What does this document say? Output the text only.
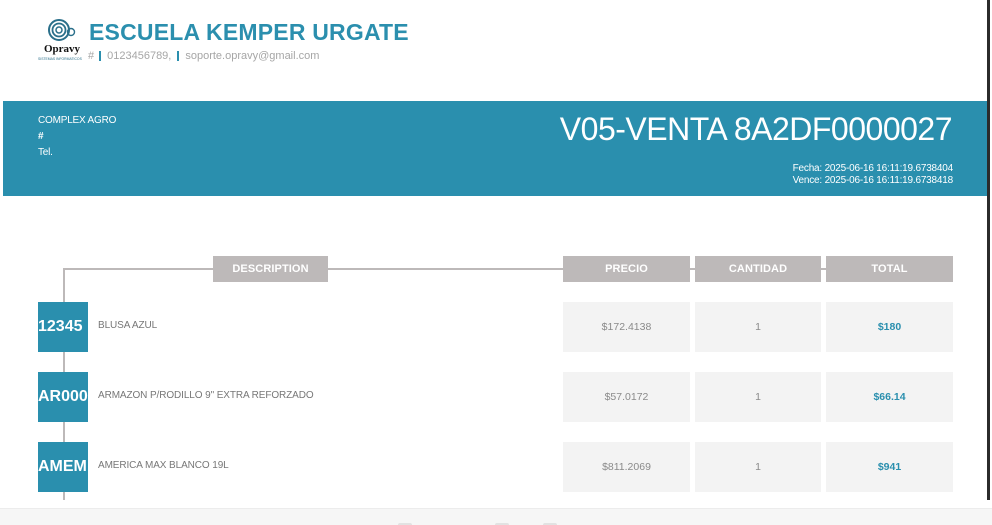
Opravy
SISTEMAS INFORMATICOS
ESCUELA KEMPER URGATE
# 0123456789, soporte.opravy@gmail.com
COMPLEX AGRO
#
Tel.
V05-VENTA 8A2DF0000027
Fecha: 2025-06-16 16:11:19.6738404
Vence: 2025-06-16 16:11:19.6738418
DESCRIPTION	PRECIO	CANTIDAD	TOTAL
12345	BLUSA AZUL	$172.4138	1	$180
AR000 ARMAZON P/RODILLO 9" EXTRA REFORZADO	$57.0172	1	$66.14
AMEM AMERICA MAX BLANCO 19L	$811.2069	1	$941
